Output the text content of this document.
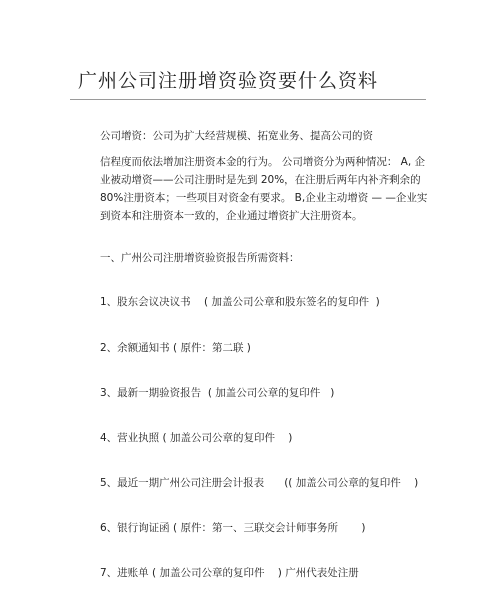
广州公司注册增资验资要什么资料
公司增资：公司为扩大经营规模、拓宽业务、提高公司的资
信程度而依法增加注册资本金的行为。 公司增资分为两种情况： A, 企
业被动增资——公司注册时是先到 20%，在注册后两年内补齐剩余的
80%注册资本；一些项目对资金有要求。 B,企业主动增资 — —企业实
到资本和注册资本一致的，企业通过增资扩大注册资本。
一、广州公司注册增资验资报告所需资料：
1、股东会议决议书    ( 加盖公司公章和股东签名的复印件  )
2、余额通知书 ( 原件：第二联 )
3、最新一期验资报告  ( 加盖公司公章的复印件   )
4、营业执照 ( 加盖公司公章的复印件    )
5、最近一期广州公司注册会计报表      (( 加盖公司公章的复印件    )
6、银行询证函 ( 原件：第一、三联交会计师事务所       )
7、进账单 ( 加盖公司公章的复印件    ) 广州代表处注册
